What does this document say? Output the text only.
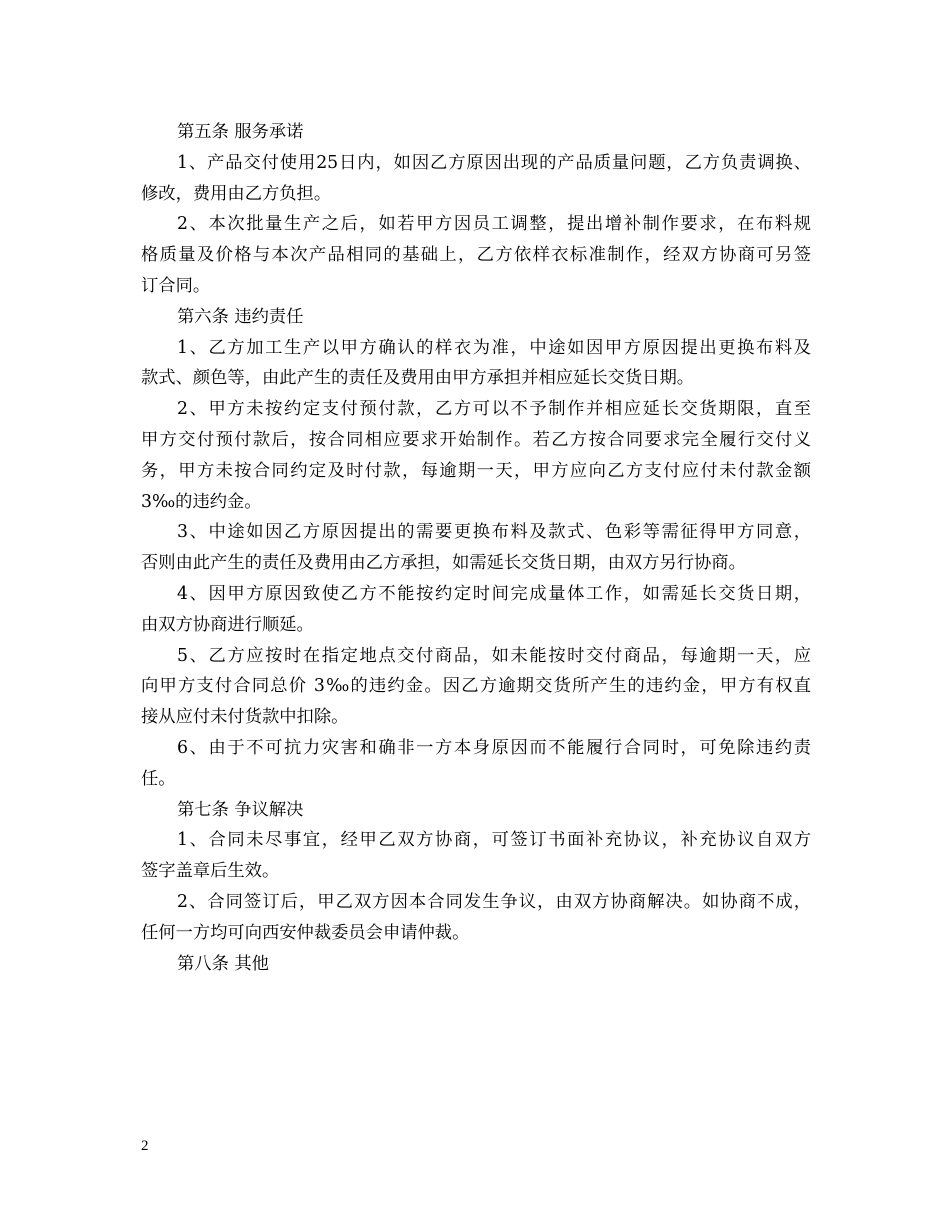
第五条 服务承诺
1、产品交付使用25日内，如因乙方原因出现的产品质量问题，乙方负责调换、
修改，费用由乙方负担。
2、本次批量生产之后，如若甲方因员工调整，提出增补制作要求，在布料规
格质量及价格与本次产品相同的基础上，乙方依样衣标准制作，经双方协商可另签
订合同。
第六条 违约责任
1、乙方加工生产以甲方确认的样衣为准，中途如因甲方原因提出更换布料及
款式、颜色等，由此产生的责任及费用由甲方承担并相应延长交货日期。
2、甲方未按约定支付预付款，乙方可以不予制作并相应延长交货期限，直至
甲方交付预付款后，按合同相应要求开始制作。若乙方按合同要求完全履行交付义
务，甲方未按合同约定及时付款，每逾期一天，甲方应向乙方支付应付未付款金额
3‰的违约金。
3、中途如因乙方原因提出的需要更换布料及款式、色彩等需征得甲方同意，
否则由此产生的责任及费用由乙方承担，如需延长交货日期，由双方另行协商。
4、因甲方原因致使乙方不能按约定时间完成量体工作，如需延长交货日期，
由双方协商进行顺延。
5、乙方应按时在指定地点交付商品，如未能按时交付商品，每逾期一天，应
向甲方支付合同总价 3‰的违约金。因乙方逾期交货所产生的违约金，甲方有权直
接从应付未付货款中扣除。
6、由于不可抗力灾害和确非一方本身原因而不能履行合同时，可免除违约责
任。
第七条 争议解决
1、合同未尽事宜，经甲乙双方协商，可签订书面补充协议，补充协议自双方
签字盖章后生效。
2、合同签订后，甲乙双方因本合同发生争议，由双方协商解决。如协商不成，
任何一方均可向西安仲裁委员会申请仲裁。
第八条 其他
2
